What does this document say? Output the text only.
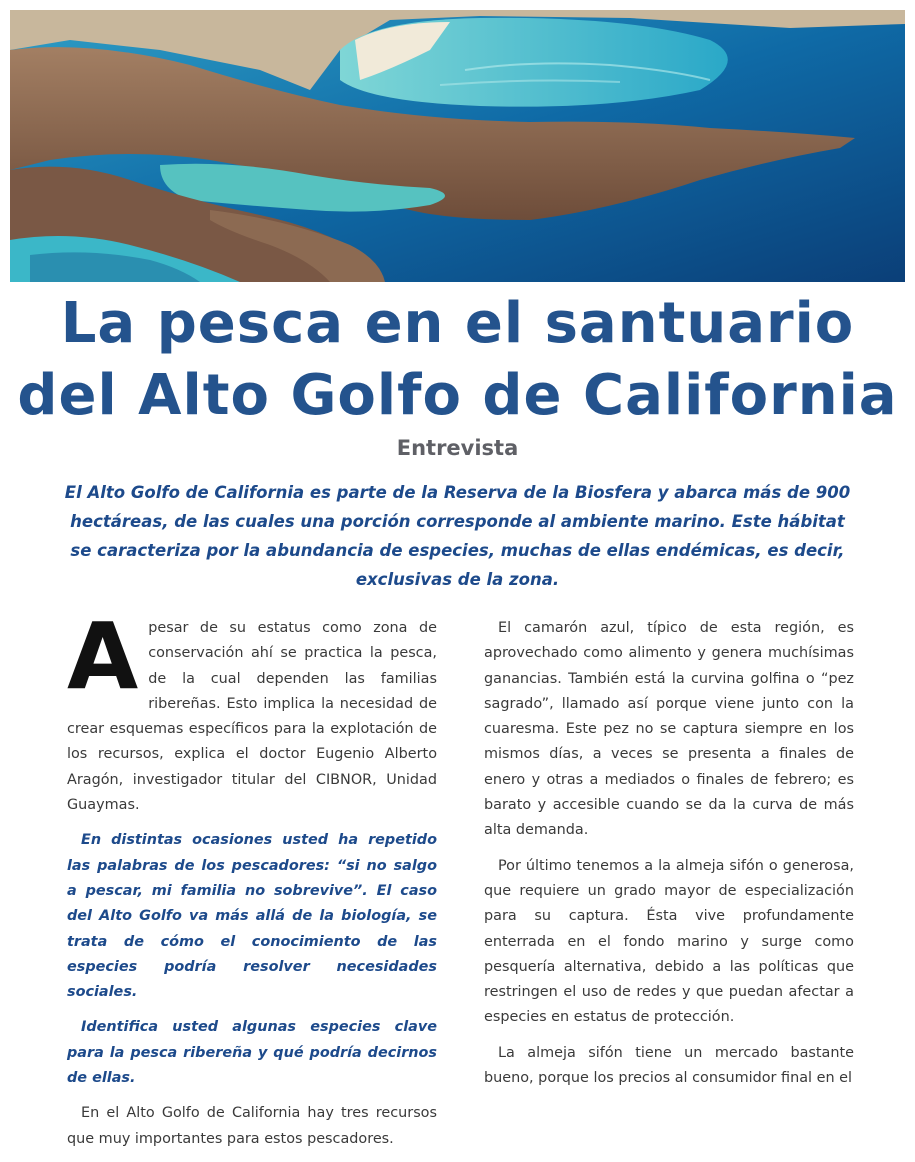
La pesca en el santuario
del Alto Golfo de California
Entrevista
El Alto Golfo de California es parte de la Reserva de la Biosfera y abarca más de 900 hectáreas, de las cuales una porción corresponde al ambiente marino. Este hábitat se caracteriza por la abundancia de especies, muchas de ellas endémicas, es decir, exclusivas de la zona.

Apesar de su estatus como zona de conservación ahí se practica la pesca, de la cual dependen las familias ribereñas. Esto implica la necesidad de crear esquemas específicos para la explotación de los recursos, explica el doctor Eugenio Alberto Aragón, investigador titular del CIBNOR, Unidad Guaymas.

En distintas ocasiones usted ha repetido las palabras de los pescadores: “si no salgo a pescar, mi familia no sobrevive”. El caso del Alto Golfo va más allá de la biología, se trata de cómo el conocimiento de las especies podría resolver necesidades sociales.

Identifica usted algunas especies clave para la pesca ribereña y qué podría decirnos de ellas.

En el Alto Golfo de California hay tres recursos que muy importantes para estos pescadores.

El camarón azul, típico de esta región, es aprovechado como alimento y genera muchísimas ganancias. También está la curvina golfina o “pez sagrado”, llamado así porque viene junto con la cuaresma. Este pez no se captura siempre en los mismos días, a veces se presenta a finales de enero y otras a mediados o finales de febrero; es barato y accesible cuando se da la curva de más alta demanda.

Por último tenemos a la almeja sifón o generosa, que requiere un grado mayor de especialización para su captura. Ésta vive profundamente enterrada en el fondo marino y surge como pesquería alternativa, debido a las políticas que restringen el uso de redes y que puedan afectar a especies en estatus de protección.

La almeja sifón tiene un mercado bastante bueno, porque los precios al consumidor final en el
